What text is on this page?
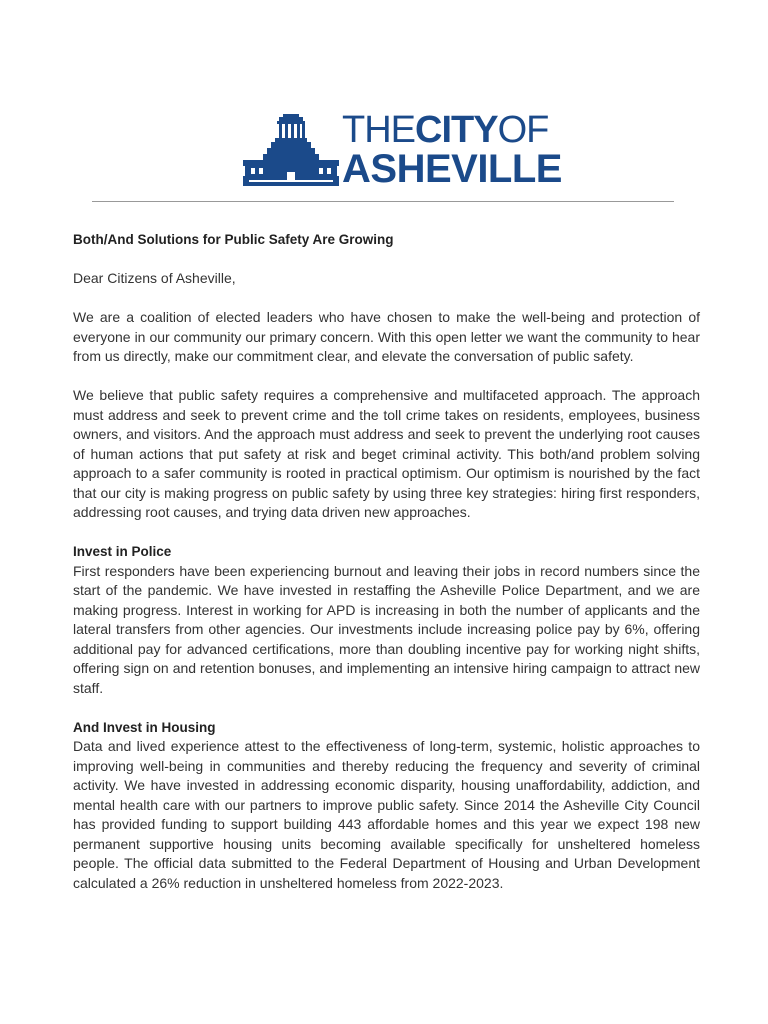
THECITYOF
ASHEVILLE

Both/And Solutions for Public Safety Are Growing

Dear Citizens of Asheville,

We are a coalition of elected leaders who have chosen to make the well-being and protection of everyone in our community our primary concern. With this open letter we want the community to hear from us directly, make our commitment clear, and elevate the conversation of public safety.

We believe that public safety requires a comprehensive and multifaceted approach. The approach must address and seek to prevent crime and the toll crime takes on residents, employees, business owners, and visitors. And the approach must address and seek to prevent the underlying root causes of human actions that put safety at risk and beget criminal activity. This both/and problem solving approach to a safer community is rooted in practical optimism. Our optimism is nourished by the fact that our city is making progress on public safety by using three key strategies: hiring first responders, addressing root causes, and trying data driven new approaches.

Invest in Police

First responders have been experiencing burnout and leaving their jobs in record numbers since the start of the pandemic. We have invested in restaffing the Asheville Police Department, and we are making progress. Interest in working for APD is increasing in both the number of applicants and the lateral transfers from other agencies. Our investments include increasing police pay by 6%, offering additional pay for advanced certifications, more than doubling incentive pay for working night shifts, offering sign on and retention bonuses, and implementing an intensive hiring campaign to attract new staff.

And Invest in Housing

Data and lived experience attest to the effectiveness of long-term, systemic, holistic approaches to improving well-being in communities and thereby reducing the frequency and severity of criminal activity. We have invested in addressing economic disparity, housing unaffordability, addiction, and mental health care with our partners to improve public safety. Since 2014 the Asheville City Council has provided funding to support building 443 affordable homes and this year we expect 198 new permanent supportive housing units becoming available specifically for unsheltered homeless people. The official data submitted to the Federal Department of Housing and Urban Development calculated a 26% reduction in unsheltered homeless from 2022-2023.
